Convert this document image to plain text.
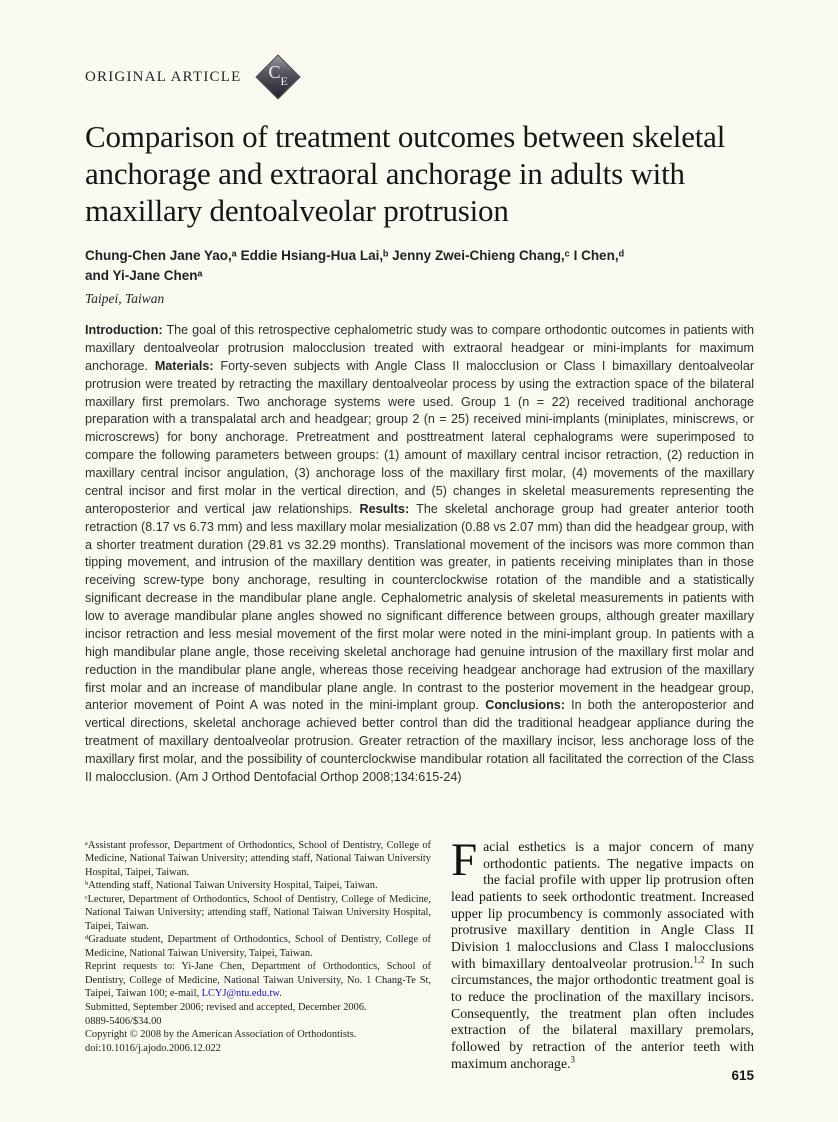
ORIGINAL ARTICLE C E
Comparison of treatment outcomes between skeletal anchorage and extraoral anchorage in adults with maxillary dentoalveolar protrusion
Chung-Chen Jane Yao,ᵃ Eddie Hsiang-Hua Lai,ᵇ Jenny Zwei-Chieng Chang,ᶜ I Chen,ᵈ
and Yi-Jane Chenᵃ
Taipei, Taiwan

Introduction: The goal of this retrospective cephalometric study was to compare orthodontic outcomes in patients with maxillary dentoalveolar protrusion malocclusion treated with extraoral headgear or mini-implants for maximum anchorage. Materials: Forty-seven subjects with Angle Class II malocclusion or Class I bimaxillary dentoalveolar protrusion were treated by retracting the maxillary dentoalveolar process by using the extraction space of the bilateral maxillary first premolars. Two anchorage systems were used. Group 1 (n = 22) received traditional anchorage preparation with a transpalatal arch and headgear; group 2 (n = 25) received mini-implants (miniplates, miniscrews, or microscrews) for bony anchorage. Pretreatment and posttreatment lateral cephalograms were superimposed to compare the following parameters between groups: (1) amount of maxillary central incisor retraction, (2) reduction in maxillary central incisor angulation, (3) anchorage loss of the maxillary first molar, (4) movements of the maxillary central incisor and first molar in the vertical direction, and (5) changes in skeletal measurements representing the anteroposterior and vertical jaw relationships. Results: The skeletal anchorage group had greater anterior tooth retraction (8.17 vs 6.73 mm) and less maxillary molar mesialization (0.88 vs 2.07 mm) than did the headgear group, with a shorter treatment duration (29.81 vs 32.29 months). Translational movement of the incisors was more common than tipping movement, and intrusion of the maxillary dentition was greater, in patients receiving miniplates than in those receiving screw-type bony anchorage, resulting in counterclockwise rotation of the mandible and a statistically significant decrease in the mandibular plane angle. Cephalometric analysis of skeletal measurements in patients with low to average mandibular plane angles showed no significant difference between groups, although greater maxillary incisor retraction and less mesial movement of the first molar were noted in the mini-implant group. In patients with a high mandibular plane angle, those receiving skeletal anchorage had genuine intrusion of the maxillary first molar and reduction in the mandibular plane angle, whereas those receiving headgear anchorage had extrusion of the maxillary first molar and an increase of mandibular plane angle. In contrast to the posterior movement in the headgear group, anterior movement of Point A was noted in the mini-implant group. Conclusions: In both the anteroposterior and vertical directions, skeletal anchorage achieved better control than did the traditional headgear appliance during the treatment of maxillary dentoalveolar protrusion. Greater retraction of the maxillary incisor, less anchorage loss of the maxillary first molar, and the possibility of counterclockwise mandibular rotation all facilitated the correction of the Class II malocclusion. (Am J Orthod Dentofacial Orthop 2008;134:615-24)

ᵃAssistant professor, Department of Orthodontics, School of Dentistry, College of Medicine, National Taiwan University; attending staff, National Taiwan University Hospital, Taipei, Taiwan.

ᵇAttending staff, National Taiwan University Hospital, Taipei, Taiwan.

ᶜLecturer, Department of Orthodontics, School of Dentistry, College of Medicine, National Taiwan University; attending staff, National Taiwan University Hospital, Taipei, Taiwan.

ᵈGraduate student, Department of Orthodontics, School of Dentistry, College of Medicine, National Taiwan University, Taipei, Taiwan.

Reprint requests to: Yi-Jane Chen, Department of Orthodontics, School of Dentistry, College of Medicine, National Taiwan University, No. 1 Chang-Te St, Taipei, Taiwan 100; e-mail, LCYJ@ntu.edu.tw.

Submitted, September 2006; revised and accepted, December 2006.

0889-5406/$34.00

Copyright © 2008 by the American Association of Orthodontists.

doi:10.1016/j.ajodo.2006.12.022

Facial esthetics is a major concern of many orthodontic patients. The negative impacts on the facial profile with upper lip protrusion often lead patients to seek orthodontic treatment. Increased upper lip procumbency is commonly associated with protrusive maxillary dentition in Angle Class II Division 1 malocclusions and Class I malocclusions with bimaxillary dentoalveolar protrusion.$^{1,2}$ In such circumstances, the major orthodontic treatment goal is to reduce the proclination of the maxillary incisors. Consequently, the treatment plan often includes extraction of the bilateral maxillary premolars, followed by retraction of the anterior teeth with maximum anchorage.$^3$

615
